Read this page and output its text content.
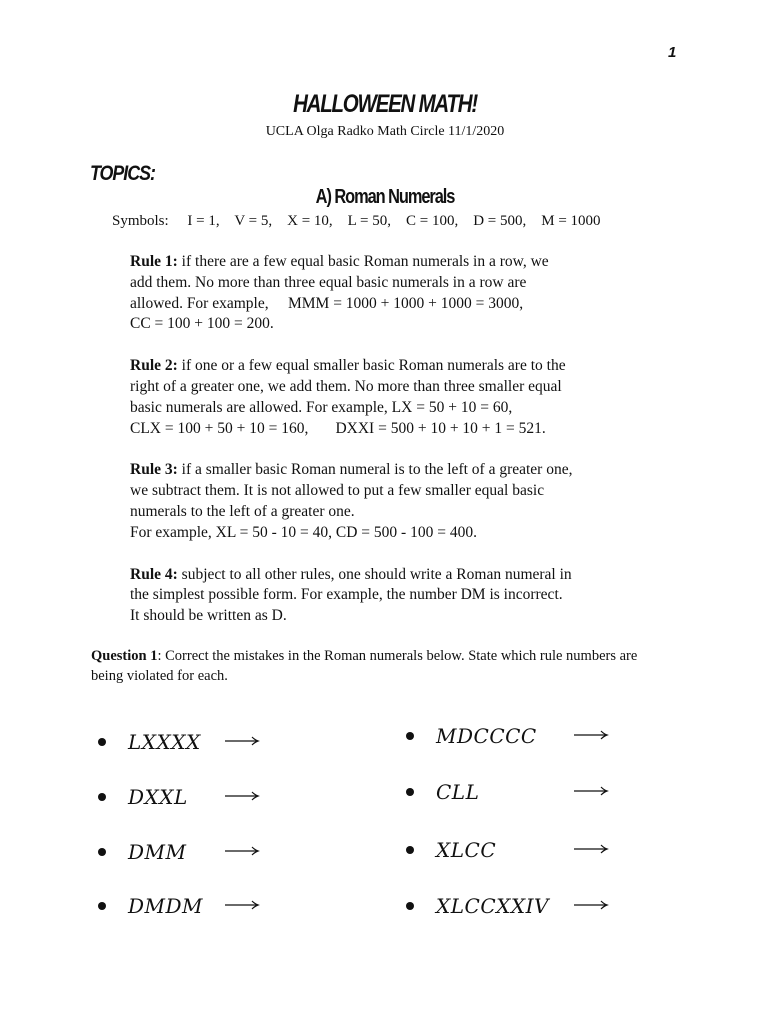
1
HALLOWEEN MATH!
UCLA Olga Radko Math Circle 11/1/2020
TOPICS:
A) Roman Numerals
Symbols:     I = 1,    V = 5,    X = 10,    L = 50,    C = 100,    D = 500,    M = 1000
Rule 1: if there are a few equal basic Roman numerals in a row, we
add them. No more than three equal basic numerals in a row are
allowed. For example,     MMM = 1000 + 1000 + 1000 = 3000,
CC = 100 + 100 = 200.
Rule 2: if one or a few equal smaller basic Roman numerals are to the
right of a greater one, we add them. No more than three smaller equal
basic numerals are allowed. For example, LX = 50 + 10 = 60,
CLX = 100 + 50 + 10 = 160,       DXXI = 500 + 10 + 10 + 1 = 521.
Rule 3: if a smaller basic Roman numeral is to the left of a greater one,
we subtract them. It is not allowed to put a few smaller equal basic
numerals to the left of a greater one.
For example, XL = 50 - 10 = 40, CD = 500 - 100 = 400.
Rule 4: subject to all other rules, one should write a Roman numeral in
the simplest possible form. For example, the number DM is incorrect.
It should be written as D.
Question 1: Correct the mistakes in the Roman numerals below. State which rule numbers are being violated for each.
LXXXX
DXXL
DMM
DMDM
MDCCCC
CLL
XLCC
XLCCXXIV
